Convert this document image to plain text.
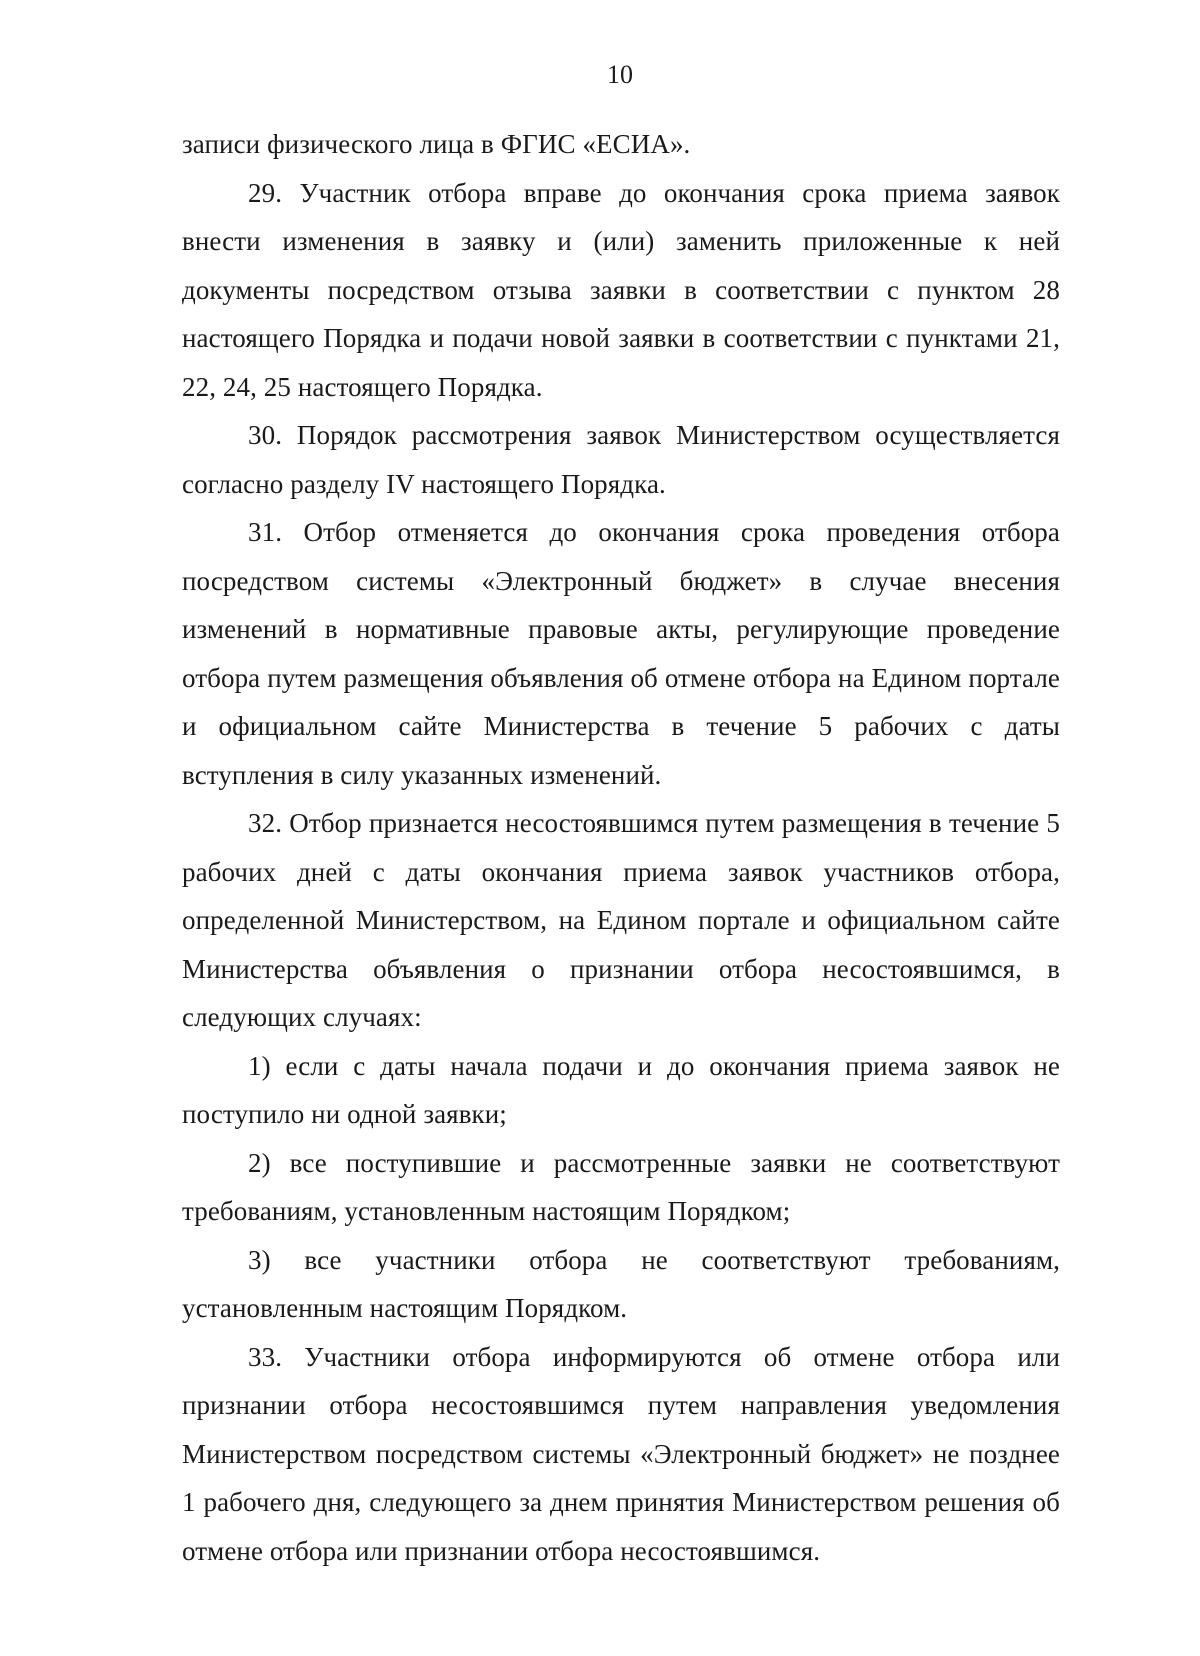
10

записи физического лица в ФГИС «ЕСИА».

29. Участник отбора вправе до окончания срока приема заявок внести изменения в заявку и (или) заменить приложенные к ней документы посредством отзыва заявки в соответствии с пунктом 28 настоящего Порядка и подачи новой заявки в соответствии с пунктами 21, 22, 24, 25 настоящего Порядка.

30. Порядок рассмотрения заявок Министерством осуществляется согласно разделу IV настоящего Порядка.

31. Отбор отменяется до окончания срока проведения отбора посредством системы «Электронный бюджет» в случае внесения изменений в нормативные правовые акты, регулирующие проведение отбора путем размещения объявления об отмене отбора на Едином портале и официальном сайте Министерства в течение 5 рабочих с даты вступления в силу указанных изменений.

32. Отбор признается несостоявшимся путем размещения в течение 5 рабочих дней с даты окончания приема заявок участников отбора, определенной Министерством, на Едином портале и официальном сайте Министерства объявления о признании отбора несостоявшимся, в следующих случаях:

1) если с даты начала подачи и до окончания приема заявок не поступило ни одной заявки;

2) все поступившие и рассмотренные заявки не соответствуют требованиям, установленным настоящим Порядком;

3) все участники отбора не соответствуют требованиям, установленным настоящим Порядком.

33. Участники отбора информируются об отмене отбора или признании отбора несостоявшимся путем направления уведомления Министерством посредством системы «Электронный бюджет» не позднее 1 рабочего дня, следующего за днем принятия Министерством решения об отмене отбора или признании отбора несостоявшимся.
